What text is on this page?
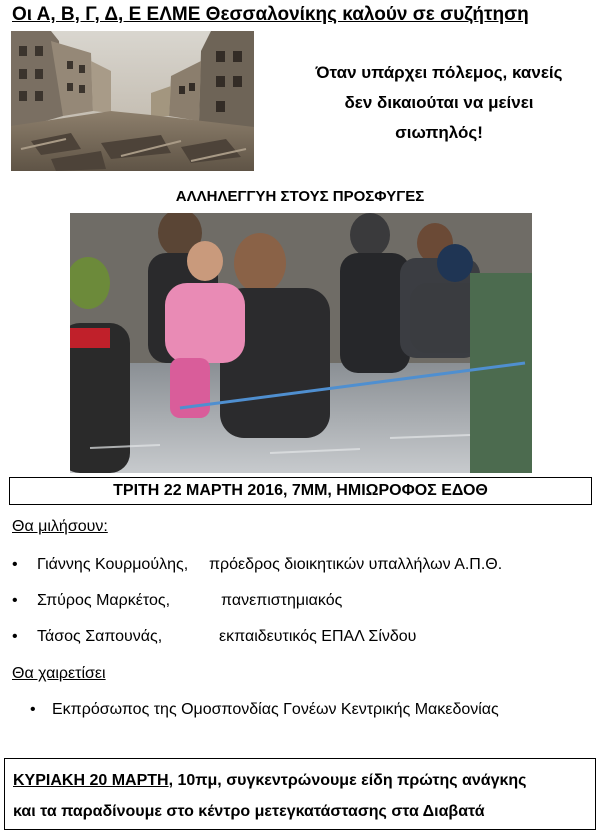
Οι Α, Β, Γ, Δ, Ε ΕΛΜΕ Θεσσαλονίκης καλούν σε συζήτηση
Όταν υπάρχει πόλεμος, κανείς
δεν δικαιούται να μείνει
σιωπηλός!
ΑΛΛΗΛΕΓΓΥΗ ΣΤΟΥΣ ΠΡΟΣΦΥΓΕΣ
ΤΡΙΤΗ 22 ΜΑΡΤΗ 2016, 7ΜΜ, ΗΜΙΩΡΟΦΟΣ ΕΔΟΘ
Θα μιλήσουν:
• Γιάννης Κουρμούλης, πρόεδρος διοικητικών υπαλλήλων Α.Π.Θ.
• Σπύρος Μαρκέτος,	πανεπιστημιακός
• Τάσος Σαπουνάς,	εκπαιδευτικός ΕΠΑΛ Σίνδου
Θα χαιρετίσει
• Εκπρόσωπος της Ομοσπονδίας Γονέων Κεντρικής Μακεδονίας
ΚΥΡΙΑΚΗ 20 ΜΑΡΤΗ, 10πμ, συγκεντρώνουμε είδη πρώτης ανάγκης
και τα παραδίνουμε στο κέντρο μετεγκατάστασης στα Διαβατά
